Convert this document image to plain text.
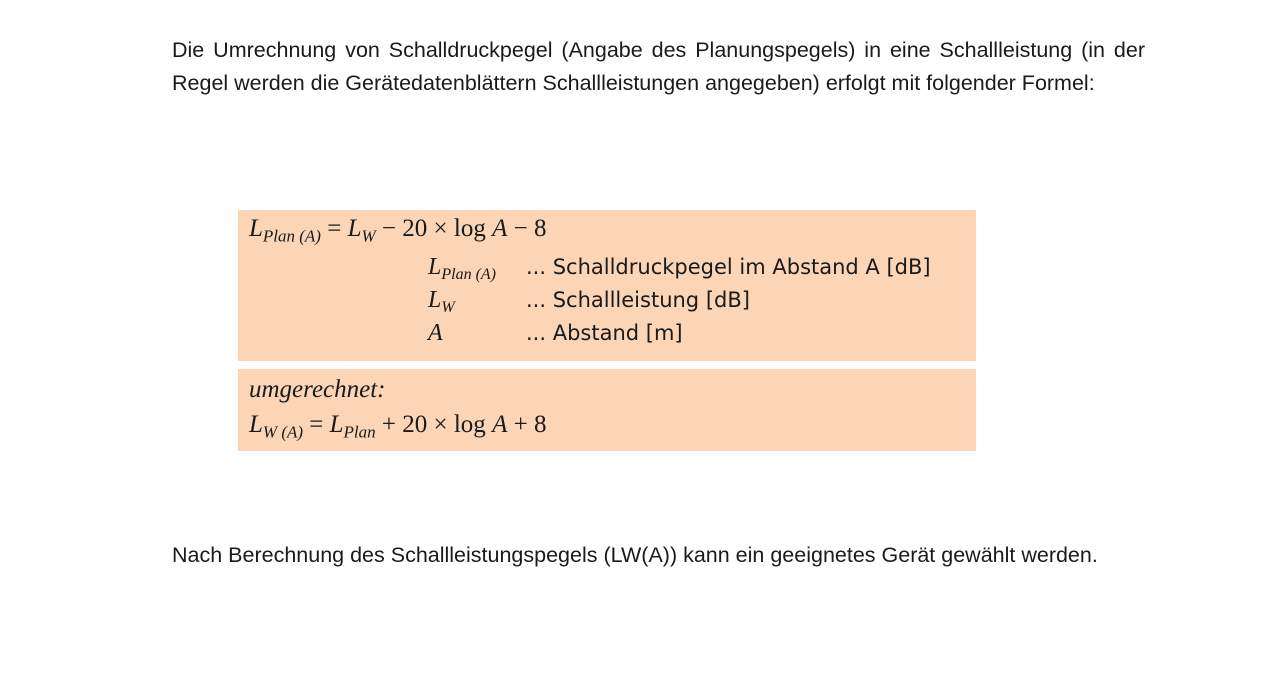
Die Umrechnung von Schalldruckpegel (Angabe des Planungspegels) in eine Schallleistung (in der Regel werden die Gerätedatenblättern Schallleistungen angegeben) erfolgt mit folgender Formel:

$L_{Plan (A)} = L_W - 20 \times \log A - 8$
$L_{Plan (A)}$ ... Schalldruckpegel im Abstand A [dB]
$L_W$	... Schallleistung [dB]
A	... Abstand [m]
umgerechnet:
$L_{W (A)} = L_{Plan} + 20 \times \log A + 8$

Nach Berechnung des Schallleistungspegels (LW(A)) kann ein geeignetes Gerät gewählt werden.
